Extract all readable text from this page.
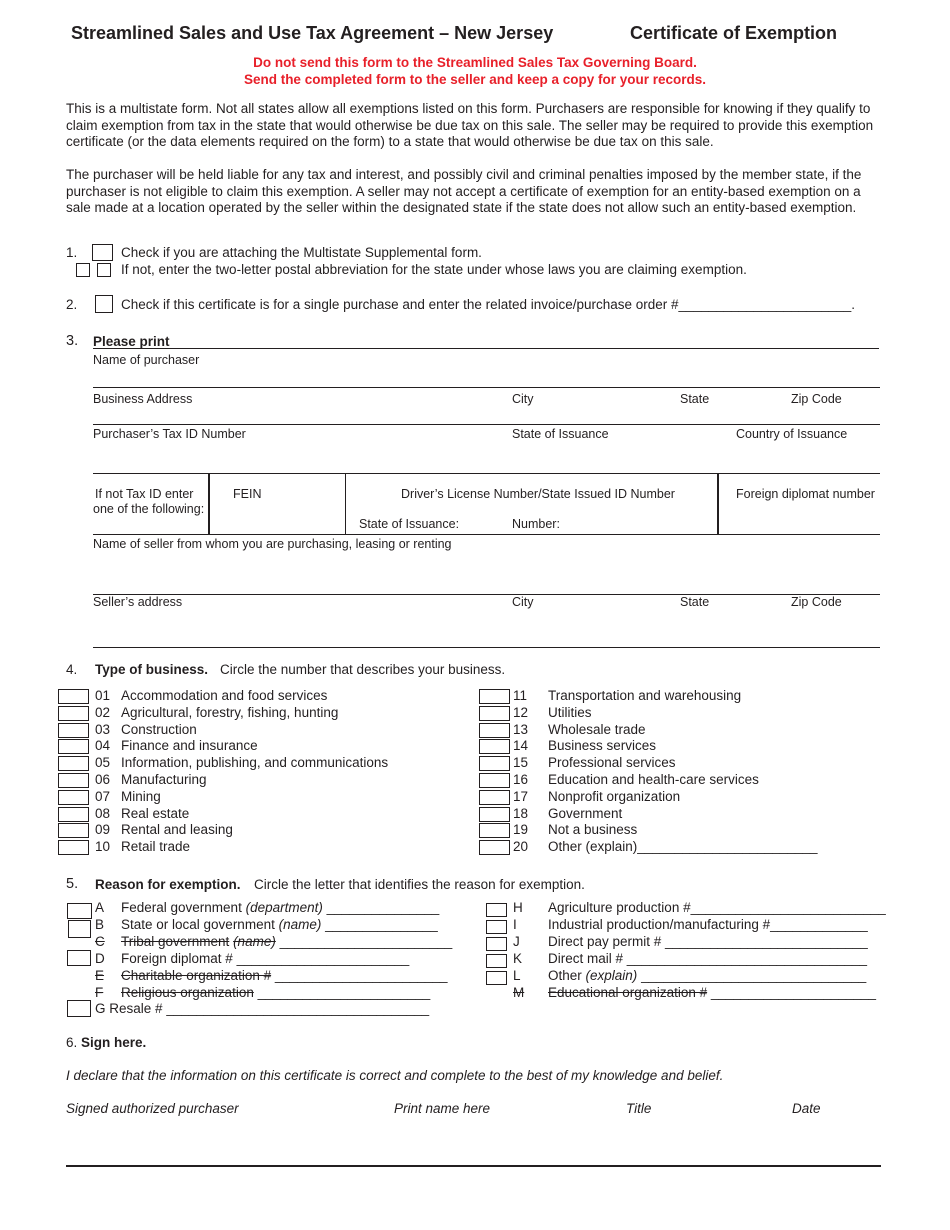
Streamlined Sales and Use Tax Agreement – New Jersey	Certificate of Exemption
Do not send this form to the Streamlined Sales Tax Governing Board.
Send the completed form to the seller and keep a copy for your records.
This is a multistate form. Not all states allow all exemptions listed on this form. Purchasers are responsible for knowing if they qualify to claim exemption from tax in the state that would otherwise be due tax on this sale. The seller may be required to provide this exemption certificate (or the data elements required on the form) to a state that would otherwise be due tax on this sale.
The purchaser will be held liable for any tax and interest, and possibly civil and criminal penalties imposed by the member state, if the purchaser is not eligible to claim this exemption. A seller may not accept a certificate of exemption for an entity-based exemption on a sale made at a location operated by the seller within the designated state if the state does not allow such an entity-based exemption.
1.	Check if you are attaching the Multistate Supplemental form.
If not, enter the two-letter postal abbreviation for the state under whose laws you are claiming exemption.
2.	Check if this certificate is for a single purchase and enter the related invoice/purchase order #_______________________.
3. Please print
Name of purchaser
Business Address	City	State	Zip Code
Purchaser’s Tax ID Number	State of Issuance	Country of Issuance
If not Tax ID enter
one of the following:
FEIN	Driver’s License Number/State Issued ID Number
State of Issuance:	Number:
Foreign diplomat number
Name of seller from whom you are purchasing, leasing or renting
Seller’s address	City	State	Zip Code
4. Type of business. Circle the number that describes your business.
01 Accommodation and food services
02 Agricultural, forestry, fishing, hunting
03 Construction
04 Finance and insurance
05 Information, publishing, and communications
06 Manufacturing
07 Mining
08 Real estate
09 Rental and leasing
10 Retail trade
11 Transportation and warehousing
12 Utilities
13 Wholesale trade
14 Business services
15 Professional services
16 Education and health-care services
17 Nonprofit organization
18 Government
19 Not a business
20 Other (explain)________________________
5. Reason for exemption. Circle the letter that identifies the reason for exemption.
A Federal government (department) _______________
B State or local government (name) _______________
C Tribal government (name) _______________________
D Foreign diplomat # _______________________
E Charitable organization # _______________________
F Religious organization _______________________
G Resale # ___________________________________
H Agriculture production #__________________________
I Industrial production/manufacturing #_____________
J Direct pay permit # ___________________________
K Direct mail # ________________________________
L Other (explain) ______________________________
M Educational organization # ______________________
6. Sign here.
I declare that the information on this certificate is correct and complete to the best of my knowledge and belief.
Signed authorized purchaser	Print name here	Title	Date
